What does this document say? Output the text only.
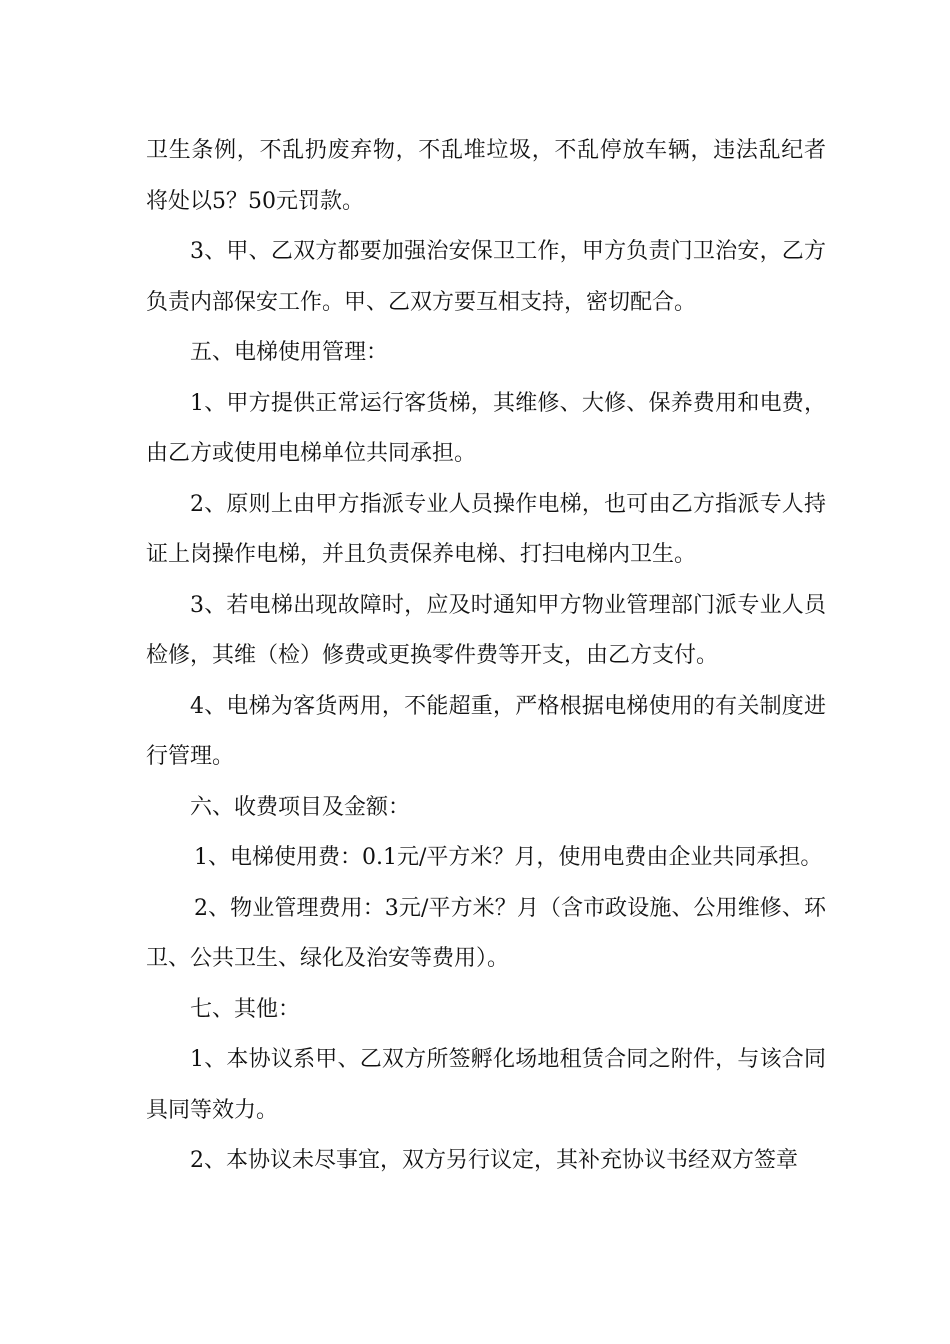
卫生条例，不乱扔废弃物，不乱堆垃圾，不乱停放车辆，违法乱纪者将处以5？50元罚款。

3、甲、乙双方都要加强治安保卫工作，甲方负责门卫治安，乙方负责内部保安工作。甲、乙双方要互相支持，密切配合。

五、电梯使用管理：

1、甲方提供正常运行客货梯，其维修、大修、保养费用和电费，由乙方或使用电梯单位共同承担。

2、原则上由甲方指派专业人员操作电梯，也可由乙方指派专人持证上岗操作电梯，并且负责保养电梯、打扫电梯内卫生。

3、若电梯出现故障时，应及时通知甲方物业管理部门派专业人员检修，其维（检）修费或更换零件费等开支，由乙方支付。

4、电梯为客货两用，不能超重，严格根据电梯使用的有关制度进行管理。

六、收费项目及金额：

1、电梯使用费：0.1元/平方米？月，使用电费由企业共同承担。

2、物业管理费用：3元/平方米？月（含市政设施、公用维修、环卫、公共卫生、绿化及治安等费用）。

七、其他：

1、本协议系甲、乙双方所签孵化场地租赁合同之附件，与该合同具同等效力。

2、本协议未尽事宜，双方另行议定，其补充协议书经双方签章
